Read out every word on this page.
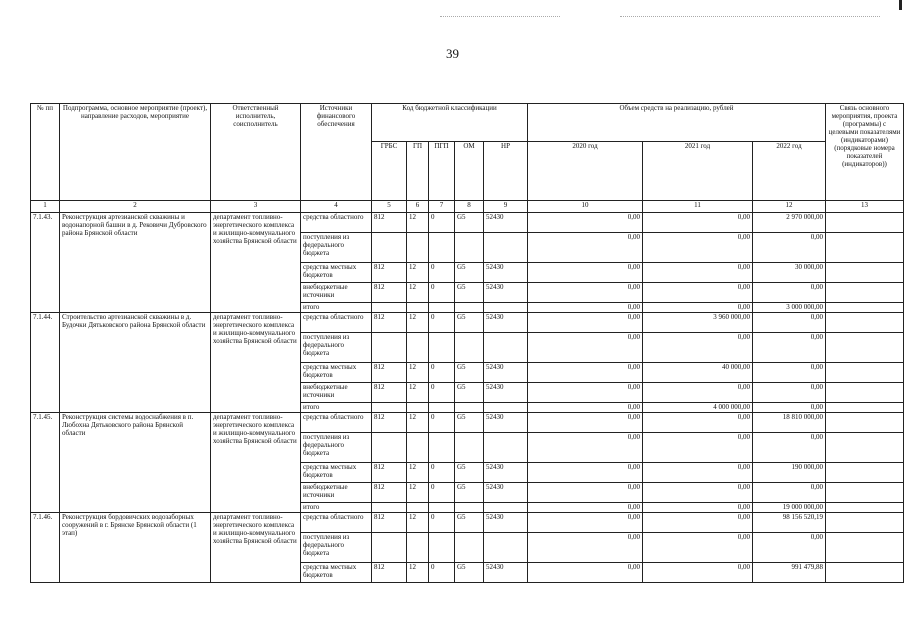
39
№ пп	Подпрограмма, основное мероприятие (проект), направление расходов, мероприятие	Ответственный исполнитель, соисполнитель	Источники финансового обеспечения	Код бюджетной классификации					Объем средств на реализацию, рублей			Связь основного мероприятия, проекта (программы) с целевыми показателями (индикаторами) (порядковые номера показателей (индикаторов))
				ГРБС	ГП	ПГП	ОМ	НР	2020 год	2021 год	2022 год	
1	2	3	4	5	6	7	8	9	10	11	12	13
7.1.43.	Реконструкция артезианской скважины и водонапорной башни в д. Рековичи Дубровского района Брянской области	департамент топливно-энергетического комплекса и жилищно-коммунального хозяйства Брянской области	средства областного	812	12	0	G5	52430	0,00	0,00	2 970 000,00	
			поступления из федерального бюджета						0,00	0,00	0,00	
			средства местных бюджетов	812	12	0	G5	52430	0,00	0,00	30 000,00	
			внебюджетные источники	812	12	0	G5	52430	0,00	0,00	0,00	
			итого						0,00	0,00	3 000 000,00	
7.1.44.	Строительство артезианской скважины в д. Будочки Дятьковского района Брянской области	департамент топливно-энергетического комплекса и жилищно-коммунального хозяйства Брянской области	средства областного	812	12	0	G5	52430	0,00	3 960 000,00	0,00	
			поступления из федерального бюджета						0,00	0,00	0,00	
			средства местных бюджетов	812	12	0	G5	52430	0,00	40 000,00	0,00	
			внебюджетные источники	812	12	0	G5	52430	0,00	0,00	0,00	
			итого						0,00	4 000 000,00	0,00	
7.1.45.	Реконструкция системы водоснабжения в п. Любохна Дятьковского района Брянской области	департамент топливно-энергетического комплекса и жилищно-коммунального хозяйства Брянской области	средства областного	812	12	0	G5	52430	0,00	0,00	18 810 000,00	
			поступления из федерального бюджета						0,00	0,00	0,00	
			средства местных бюджетов	812	12	0	G5	52430	0,00	0,00	190 000,00	
			внебюджетные источники	812	12	0	G5	52430	0,00	0,00	0,00	
			итого						0,00	0,00	19 000 000,00	
7.1.46.	Реконструкция бордовичских водозаборных сооружений в г. Брянске Брянской области (1 этап)	департамент топливно-энергетического комплекса и жилищно-коммунального хозяйства Брянской области	средства областного	812	12	0	G5	52430	0,00	0,00	98 156 520,19	
			поступления из федерального бюджета						0,00	0,00	0,00	
			средства местных бюджетов	812	12	0	G5	52430	0,00	0,00	991 479,88	
